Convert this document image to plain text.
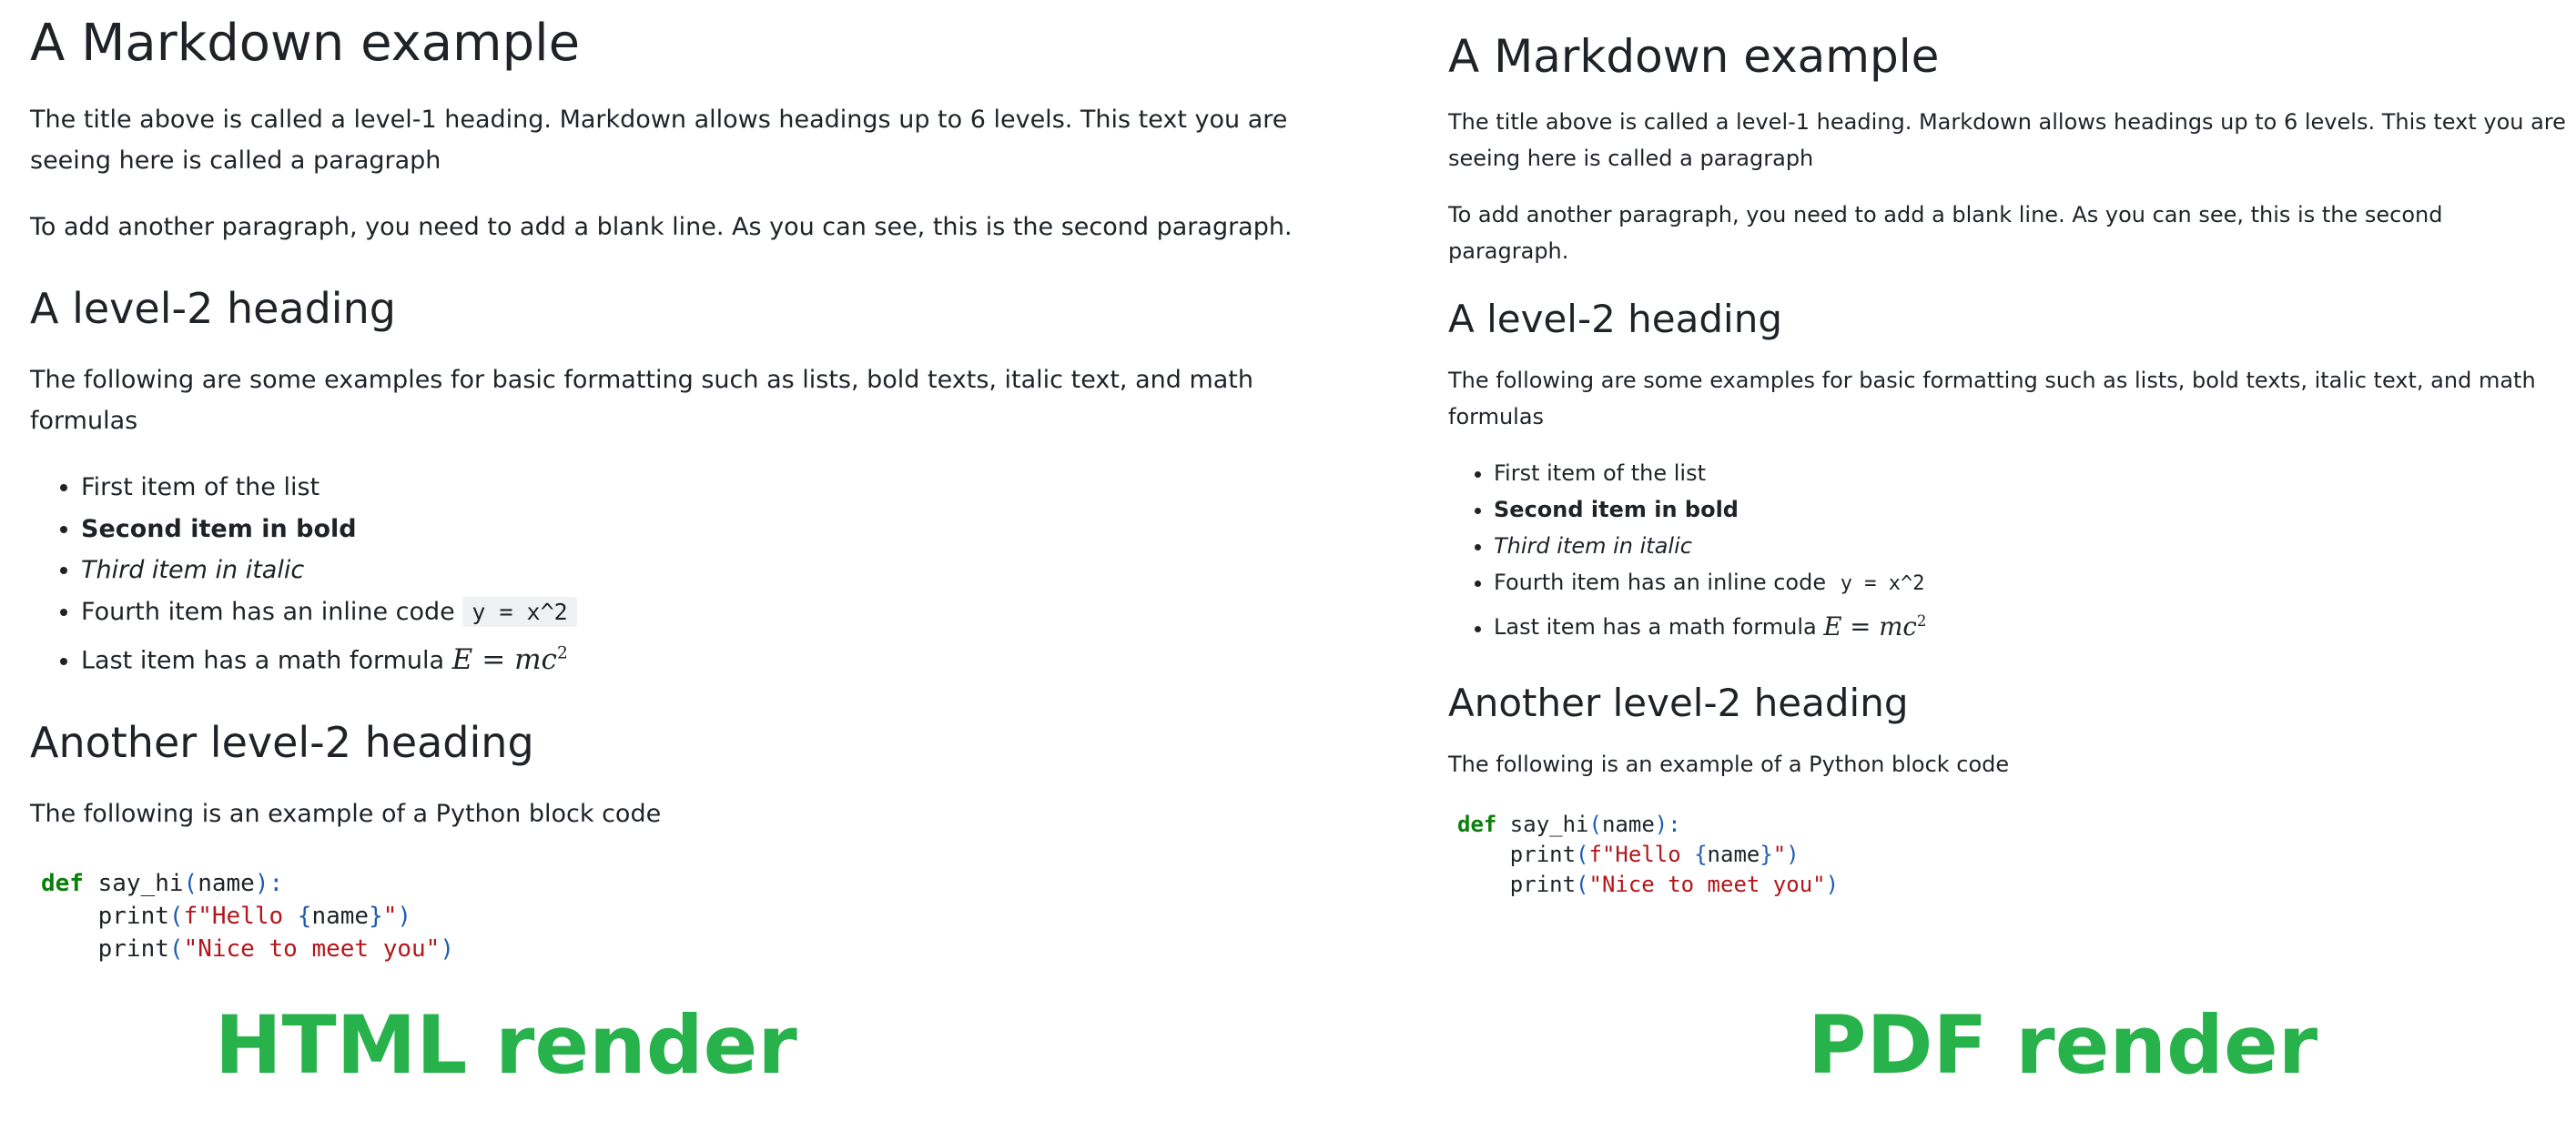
A Markdown example

The title above is called a level-1 heading. Markdown allows headings up to 6 levels. This text you are seeing here is called a paragraph

To add another paragraph, you need to add a blank line. As you can see, this is the second paragraph.

A level-2 heading

The following are some examples for basic formatting such as lists, bold texts, italic text, and math formulas

• First item of the list
• Second item in bold
• Third item in italic
• Fourth item has an inline code y = x^2
• Last item has a math formula $E = mc^2$
Another level-2 heading

The following is an example of a Python block code

def say_hi(name):
print(f"Hello {name}")
print("Nice to meet you")
A Markdown example

The title above is called a level-1 heading. Markdown allows headings up to 6 levels. This text you are seeing here is called a paragraph

To add another paragraph, you need to add a blank line. As you can see, this is the second paragraph.

A level-2 heading

The following are some examples for basic formatting such as lists, bold texts, italic text, and math formulas

• First item of the list
• Second item in bold
• Third item in italic
• Fourth item has an inline code y = x^2
• Last item has a math formula $E = mc^2$
Another level-2 heading

The following is an example of a Python block code

def say_hi(name):
print(f"Hello {name}")
print("Nice to meet you")
HTML render	PDF render
